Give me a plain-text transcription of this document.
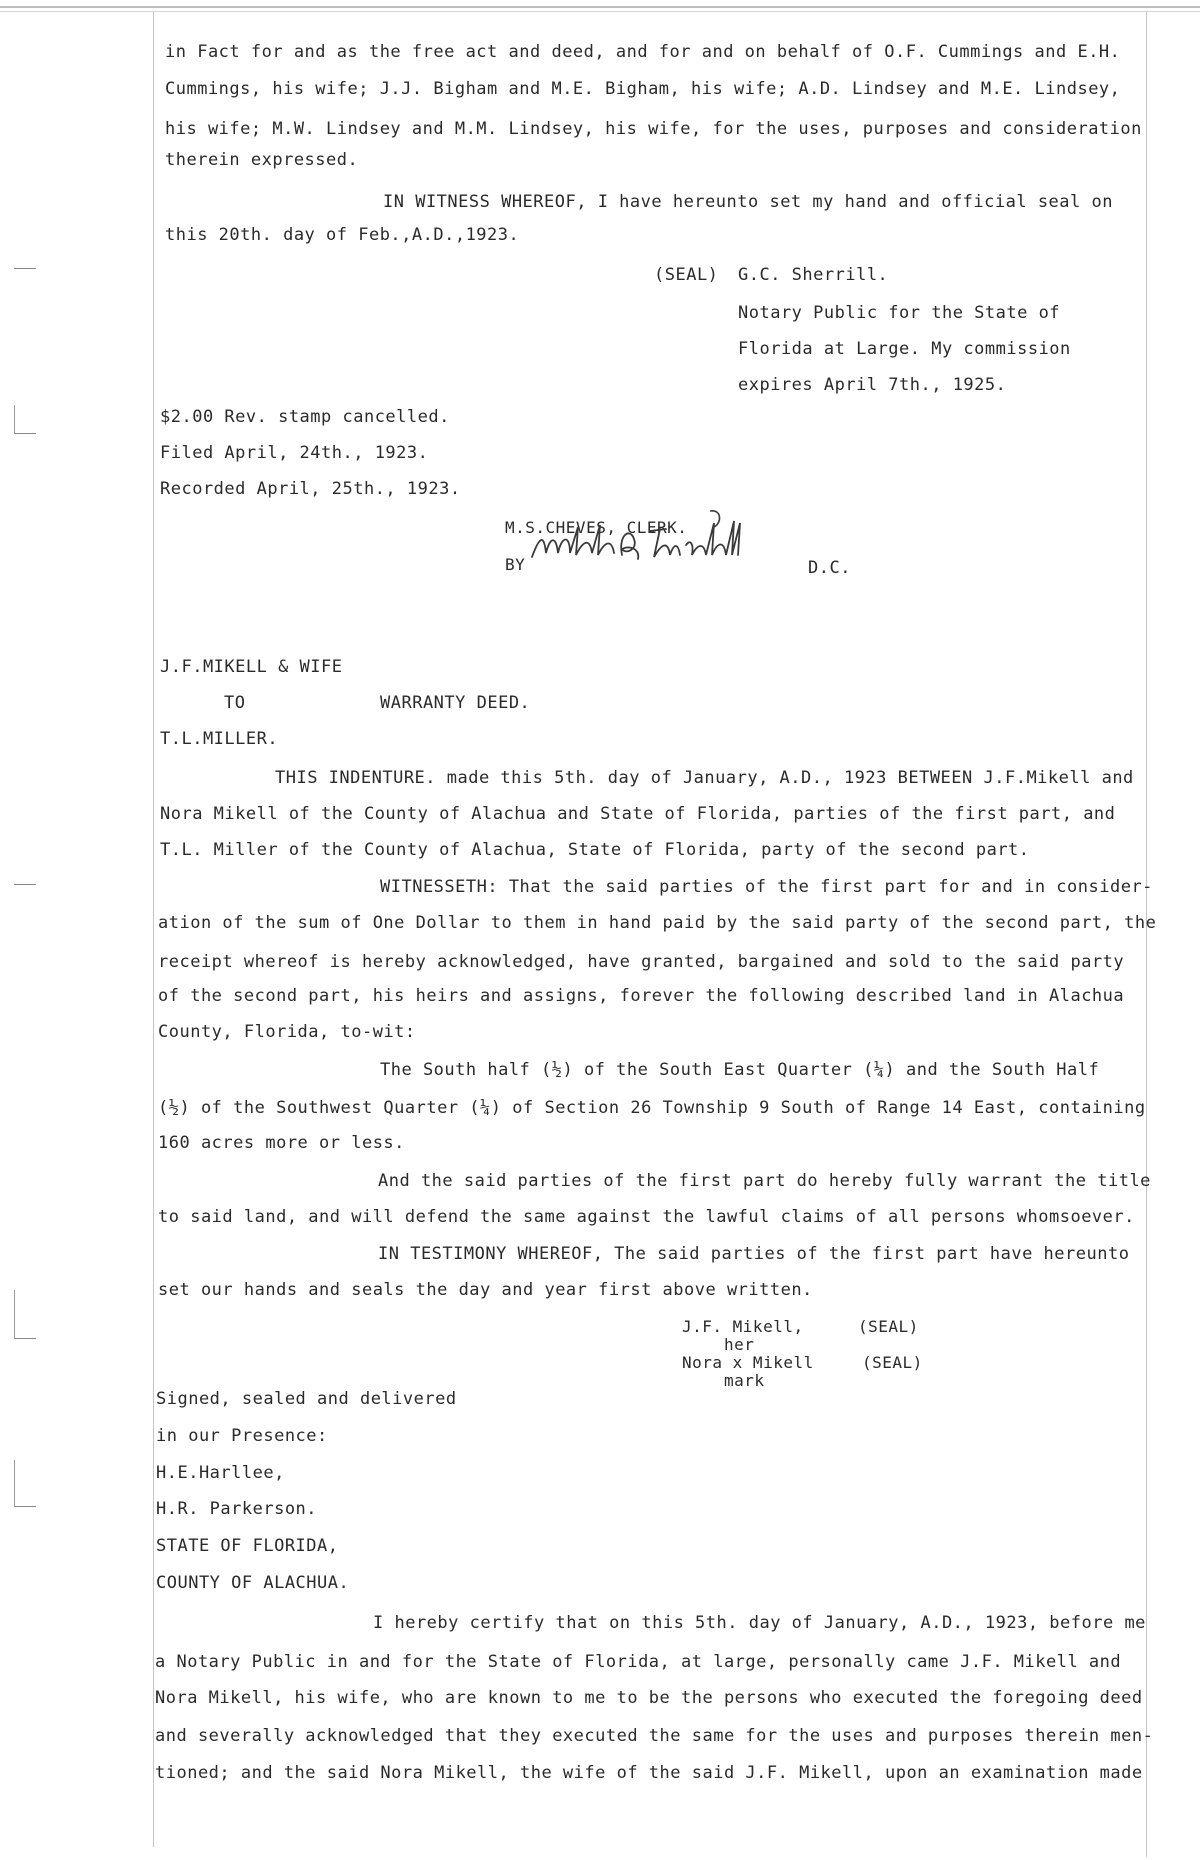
in Fact for and as the free act and deed, and for and on behalf of O.F. Cummings and E.H.
Cummings, his wife; J.J. Bigham and M.E. Bigham, his wife; A.D. Lindsey and M.E. Lindsey,
his wife; M.W. Lindsey and M.M. Lindsey, his wife, for the uses, purposes and consideration
therein expressed.
IN WITNESS WHEREOF, I have hereunto set my hand and official seal on
this 20th. day of Feb.,A.D.,1923.
(SEAL) G.C. Sherrill.
Notary Public for the State of
Florida at Large. My commission
expires April 7th., 1925.
$2.00 Rev. stamp cancelled.
Filed April, 24th., 1923.
Recorded April, 25th., 1923.
M.S.CHEVES, CLERK.
BY	D.C.
J.F.MIKELL & WIFE
TO	WARRANTY DEED.
T.L.MILLER.
THIS INDENTURE. made this 5th. day of January, A.D., 1923 BETWEEN J.F.Mikell and
Nora Mikell of the County of Alachua and State of Florida, parties of the first part, and
T.L. Miller of the County of Alachua, State of Florida, party of the second part.
WITNESSETH: That the said parties of the first part for and in consider-
ation of the sum of One Dollar to them in hand paid by the said party of the second part, the
receipt whereof is hereby acknowledged, have granted, bargained and sold to the said party
of the second part, his heirs and assigns, forever the following described land in Alachua
County, Florida, to-wit:
The South half (½) of the South East Quarter (¼) and the South Half
(½) of the Southwest Quarter (¼) of Section 26 Township 9 South of Range 14 East, containing
160 acres more or less.
And the said parties of the first part do hereby fully warrant the title
to said land, and will defend the same against the lawful claims of all persons whomsoever.
IN TESTIMONY WHEREOF, The said parties of the first part have hereunto
set our hands and seals the day and year first above written.
J.F. Mikell,	(SEAL)
her
Nora x Mikell	(SEAL)
mark
Signed, sealed and delivered
in our Presence:
H.E.Harllee,
H.R. Parkerson.
STATE OF FLORIDA,
COUNTY OF ALACHUA.
I hereby certify that on this 5th. day of January, A.D., 1923, before me
a Notary Public in and for the State of Florida, at large, personally came J.F. Mikell and
Nora Mikell, his wife, who are known to me to be the persons who executed the foregoing deed
and severally acknowledged that they executed the same for the uses and purposes therein men-
tioned; and the said Nora Mikell, the wife of the said J.F. Mikell, upon an examination made
